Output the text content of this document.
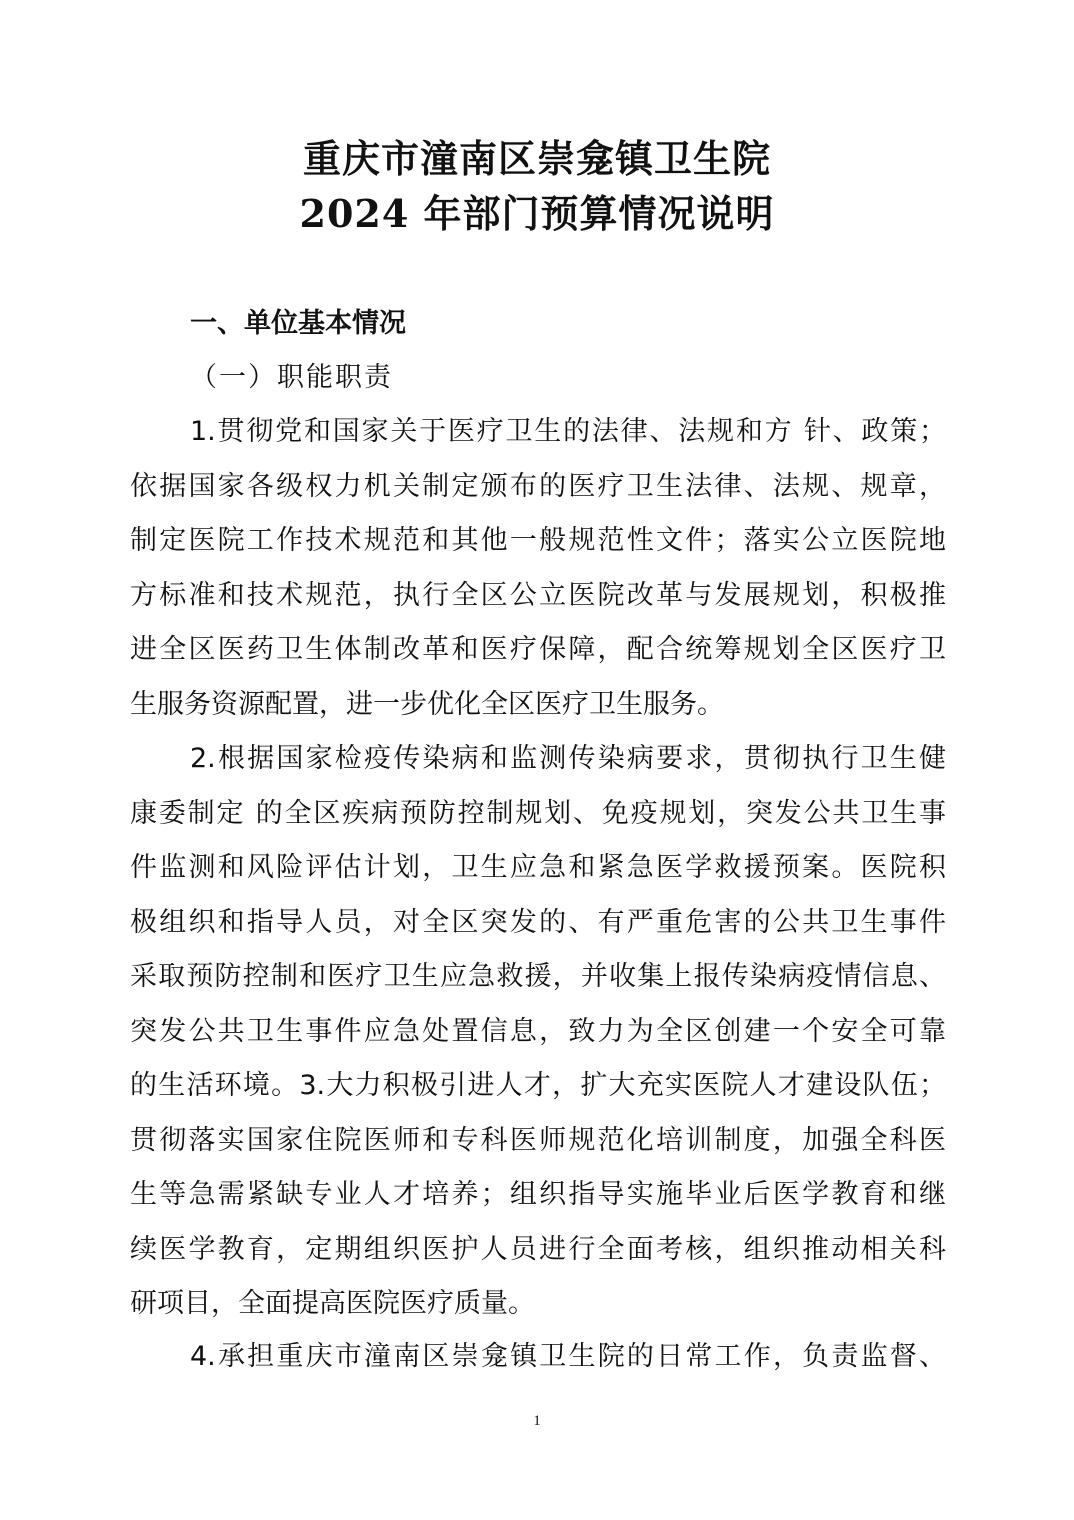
重庆市潼南区崇龛镇卫生院
2024 年部门预算情况说明
一、单位基本情况
（一）职能职责
1.贯彻党和国家关于医疗卫生的法律、法规和方 针、政策；
依据国家各级权力机关制定颁布的医疗卫生法律、法规、规章，
制定医院工作技术规范和其他一般规范性文件；落实公立医院地
方标准和技术规范，执行全区公立医院改革与发展规划，积极推
进全区医药卫生体制改革和医疗保障，配合统筹规划全区医疗卫
生服务资源配置，进一步优化全区医疗卫生服务。
2.根据国家检疫传染病和监测传染病要求，贯彻执行卫生健
康委制定 的全区疾病预防控制规划、免疫规划，突发公共卫生事
件监测和风险评估计划，卫生应急和紧急医学救援预案。医院积
极组织和指导人员，对全区突发的、有严重危害的公共卫生事件
采取预防控制和医疗卫生应急救援，并收集上报传染病疫情信息、
突发公共卫生事件应急处置信息，致力为全区创建一个安全可靠
的生活环境。3.大力积极引进人才，扩大充实医院人才建设队伍；
贯彻落实国家住院医师和专科医师规范化培训制度，加强全科医
生等急需紧缺专业人才培养；组织指导实施毕业后医学教育和继
续医学教育，定期组织医护人员进行全面考核，组织推动相关科
研项目，全面提高医院医疗质量。
4.承担重庆市潼南区崇龛镇卫生院的日常工作，负责监督、
1
